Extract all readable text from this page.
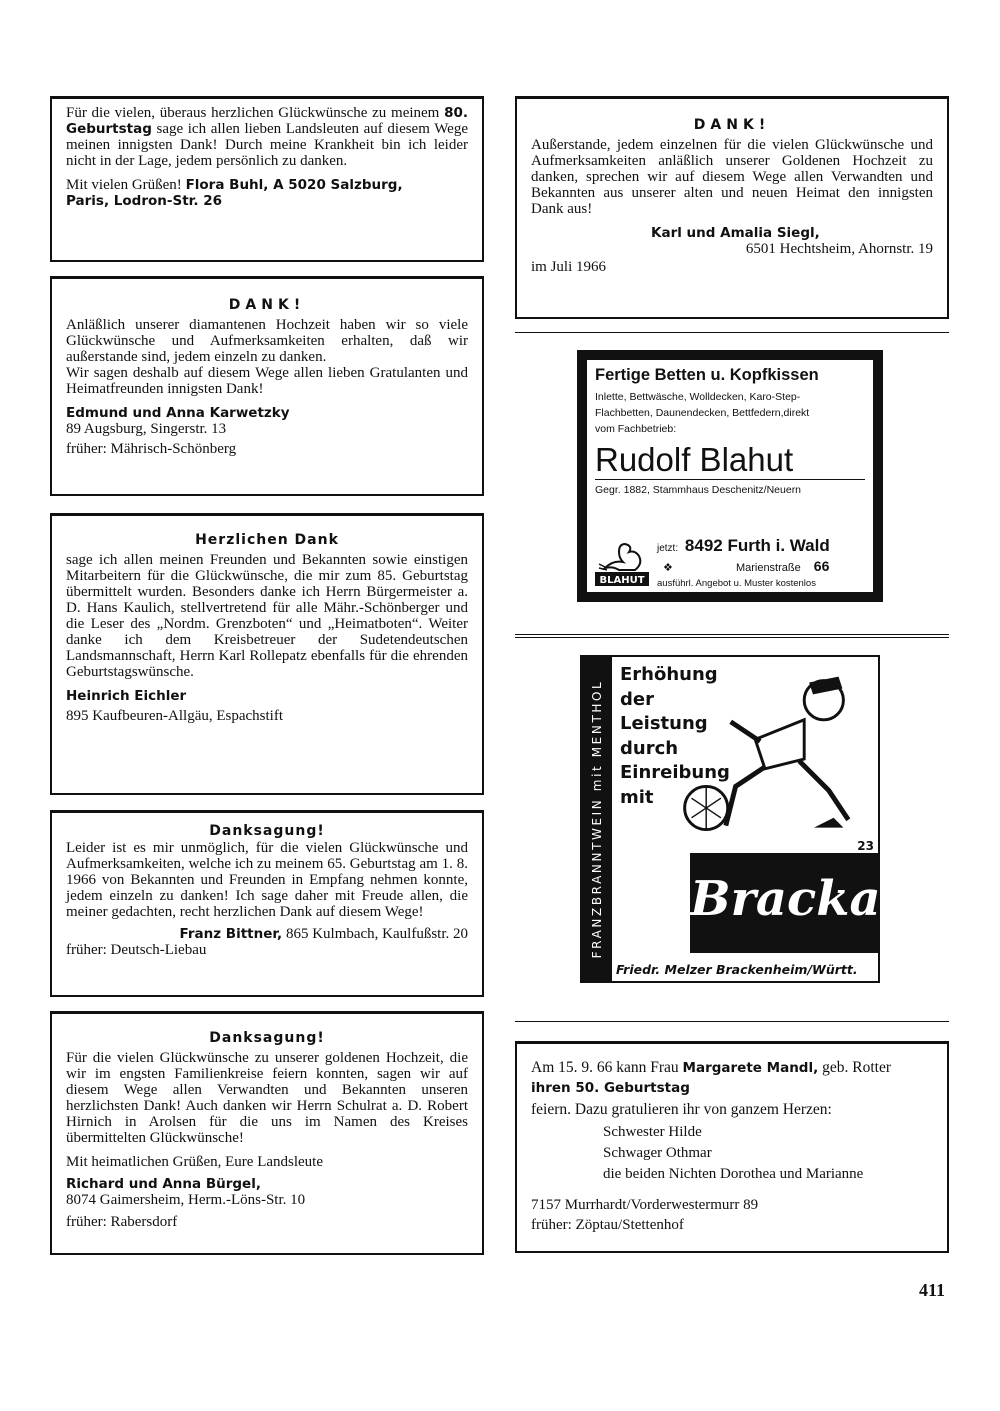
Für die vielen, überaus herzlichen Glückwünsche zu meinem 80. Geburtstag sage ich allen lieben Landsleuten auf diesem Wege meinen innigsten Dank! Durch meine Krankheit bin ich leider nicht in der Lage, jedem persönlich zu danken.

Mit vielen Grüßen! Flora Buhl, A 5020 Salzburg,

Paris, Lodron-Str. 26

DANK!

Anläßlich unserer diamantenen Hochzeit haben wir so viele Glückwünsche und Aufmerksamkeiten erhalten, daß wir außerstande sind, jedem einzeln zu danken.

Wir sagen deshalb auf diesem Wege allen lieben Gratulanten und Heimatfreunden innigsten Dank!

Edmund und Anna Karwetzky

89 Augsburg, Singerstr. 13

früher: Mährisch-Schönberg

Herzlichen Dank

sage ich allen meinen Freunden und Bekannten sowie einstigen Mitarbeitern für die Glückwünsche, die mir zum 85. Geburtstag übermittelt wurden. Besonders danke ich Herrn Bürgermeister a. D. Hans Kaulich, stellvertretend für alle Mähr.-Schönberger und die Leser des „Nordm. Grenzboten“ und „Heimatboten“. Weiter danke ich dem Kreisbetreuer der Sudetendeutschen Landsmannschaft, Herrn Karl Rollepatz ebenfalls für die ehrenden Geburtstagswünsche.

Heinrich Eichler

895 Kaufbeuren-Allgäu, Espachstift

Danksagung!

Leider ist es mir unmöglich, für die vielen Glückwünsche und Aufmerksamkeiten, welche ich zu meinem 65. Geburtstag am 1. 8. 1966 von Bekannten und Freunden in Empfang nehmen konnte, jedem einzeln zu danken! Ich sage daher mit Freude allen, die meiner gedachten, recht herzlichen Dank auf diesem Wege!

Franz Bittner, 865 Kulmbach, Kaulfußstr. 20

früher: Deutsch-Liebau

Danksagung!

Für die vielen Glückwünsche zu unserer goldenen Hochzeit, die wir im engsten Familienkreise feiern konnten, sagen wir auf diesem Wege allen Verwandten und Bekannten unseren herzlichsten Dank! Auch danken wir Herrn Schulrat a. D. Robert Hirnich in Arolsen für die uns im Namen des Kreises übermittelten Glückwünsche!

Mit heimatlichen Grüßen, Eure Landsleute

Richard und Anna Bürgel,

8074 Gaimersheim, Herm.-Löns-Str. 10

früher: Rabersdorf

DANK!

Außerstande, jedem einzelnen für die vielen Glückwünsche und Aufmerksamkeiten anläßlich unserer Goldenen Hochzeit zu danken, sprechen wir auf diesem Wege allen Verwandten und Bekannten aus unserer alten und neuen Heimat den innigsten Dank aus!

Karl und Amalia Siegl,

6501 Hechtsheim, Ahornstr. 19

im Juli 1966

Fertige Betten u. Kopfkissen

Inlette, Bettwäsche, Wolldecken, Karo-Step-

Flachbetten, Daunendecken, Bettfedern,direkt

vom Fachbetrieb:

Rudolf Blahut

Gegr. 1882, Stammhaus Deschenitz/Neuern

BLAHUT
jetzt: 8492 Furth i. Wald
❖	Marienstraße 66
ausführl. Angebot u. Muster kostenlos
FRANZBRANNTWEIN mit MENTHOL
Erhöhung
der
Leistung
durch
Einreibung
mit
23
Brackal
Friedr. Melzer Brackenheim/Württ.

Am 15. 9. 66 kann Frau Margarete Mandl, geb. Rotter

ihren 50. Geburtstag

feiern. Dazu gratulieren ihr von ganzem Herzen:

Schwester Hilde

Schwager Othmar

die beiden Nichten Dorothea und Marianne

7157 Murrhardt/Vorderwestermurr 89

früher: Zöptau/Stettenhof

411
